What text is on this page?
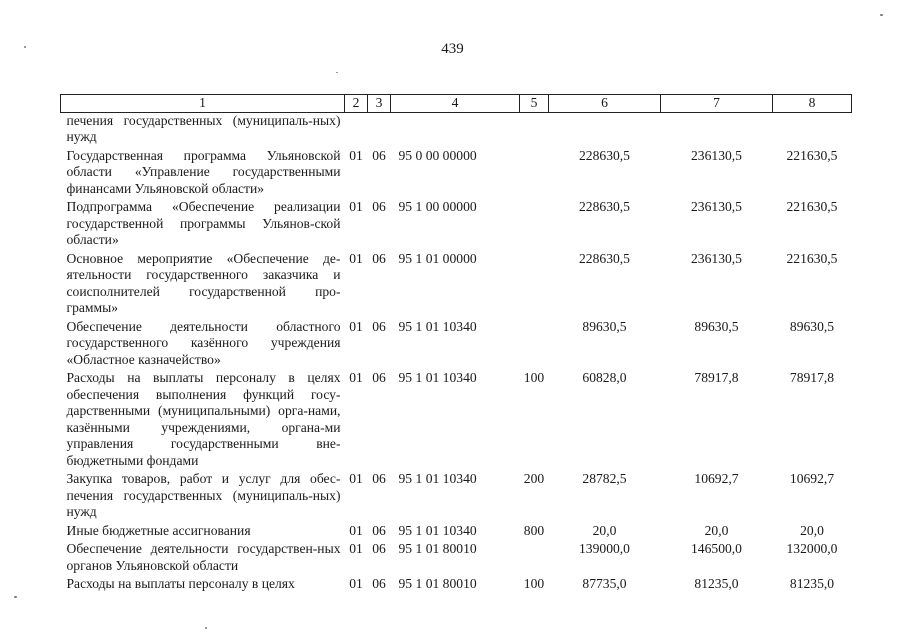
439
1	2	3	4	5	6	7	8
печения государственных (муниципаль-ных) нужд							
Государственная программа Ульяновской области «Управление государственными финансами Ульяновской области»	01	06	95 0 00 00000		228630,5	236130,5	221630,5
Подпрограмма «Обеспечение реализации государственной программы Ульянов-ской области»	01	06	95 1 00 00000		228630,5	236130,5	221630,5
Основное мероприятие «Обеспечение де-ятельности государственного заказчика и соисполнителей государственной про-граммы»	01	06	95 1 01 00000		228630,5	236130,5	221630,5
Обеспечение деятельности областного государственного казённого учреждения «Областное казначейство»	01	06	95 1 01 10340		89630,5	89630,5	89630,5
Расходы на выплаты персоналу в целях обеспечения выполнения функций госу-дарственными (муниципальными) орга-нами, казёнными учреждениями, органа-ми управления государственными вне-бюджетными фондами	01	06	95 1 01 10340	100	60828,0	78917,8	78917,8
Закупка товаров, работ и услуг для обес-печения государственных (муниципаль-ных) нужд	01	06	95 1 01 10340	200	28782,5	10692,7	10692,7
Иные бюджетные ассигнования	01	06	95 1 01 10340	800	20,0	20,0	20,0
Обеспечение деятельности государствен-ных органов Ульяновской области	01	06	95 1 01 80010		139000,0	146500,0	132000,0
Расходы на выплаты персоналу в целях	01	06	95 1 01 80010	100	87735,0	81235,0	81235,0
